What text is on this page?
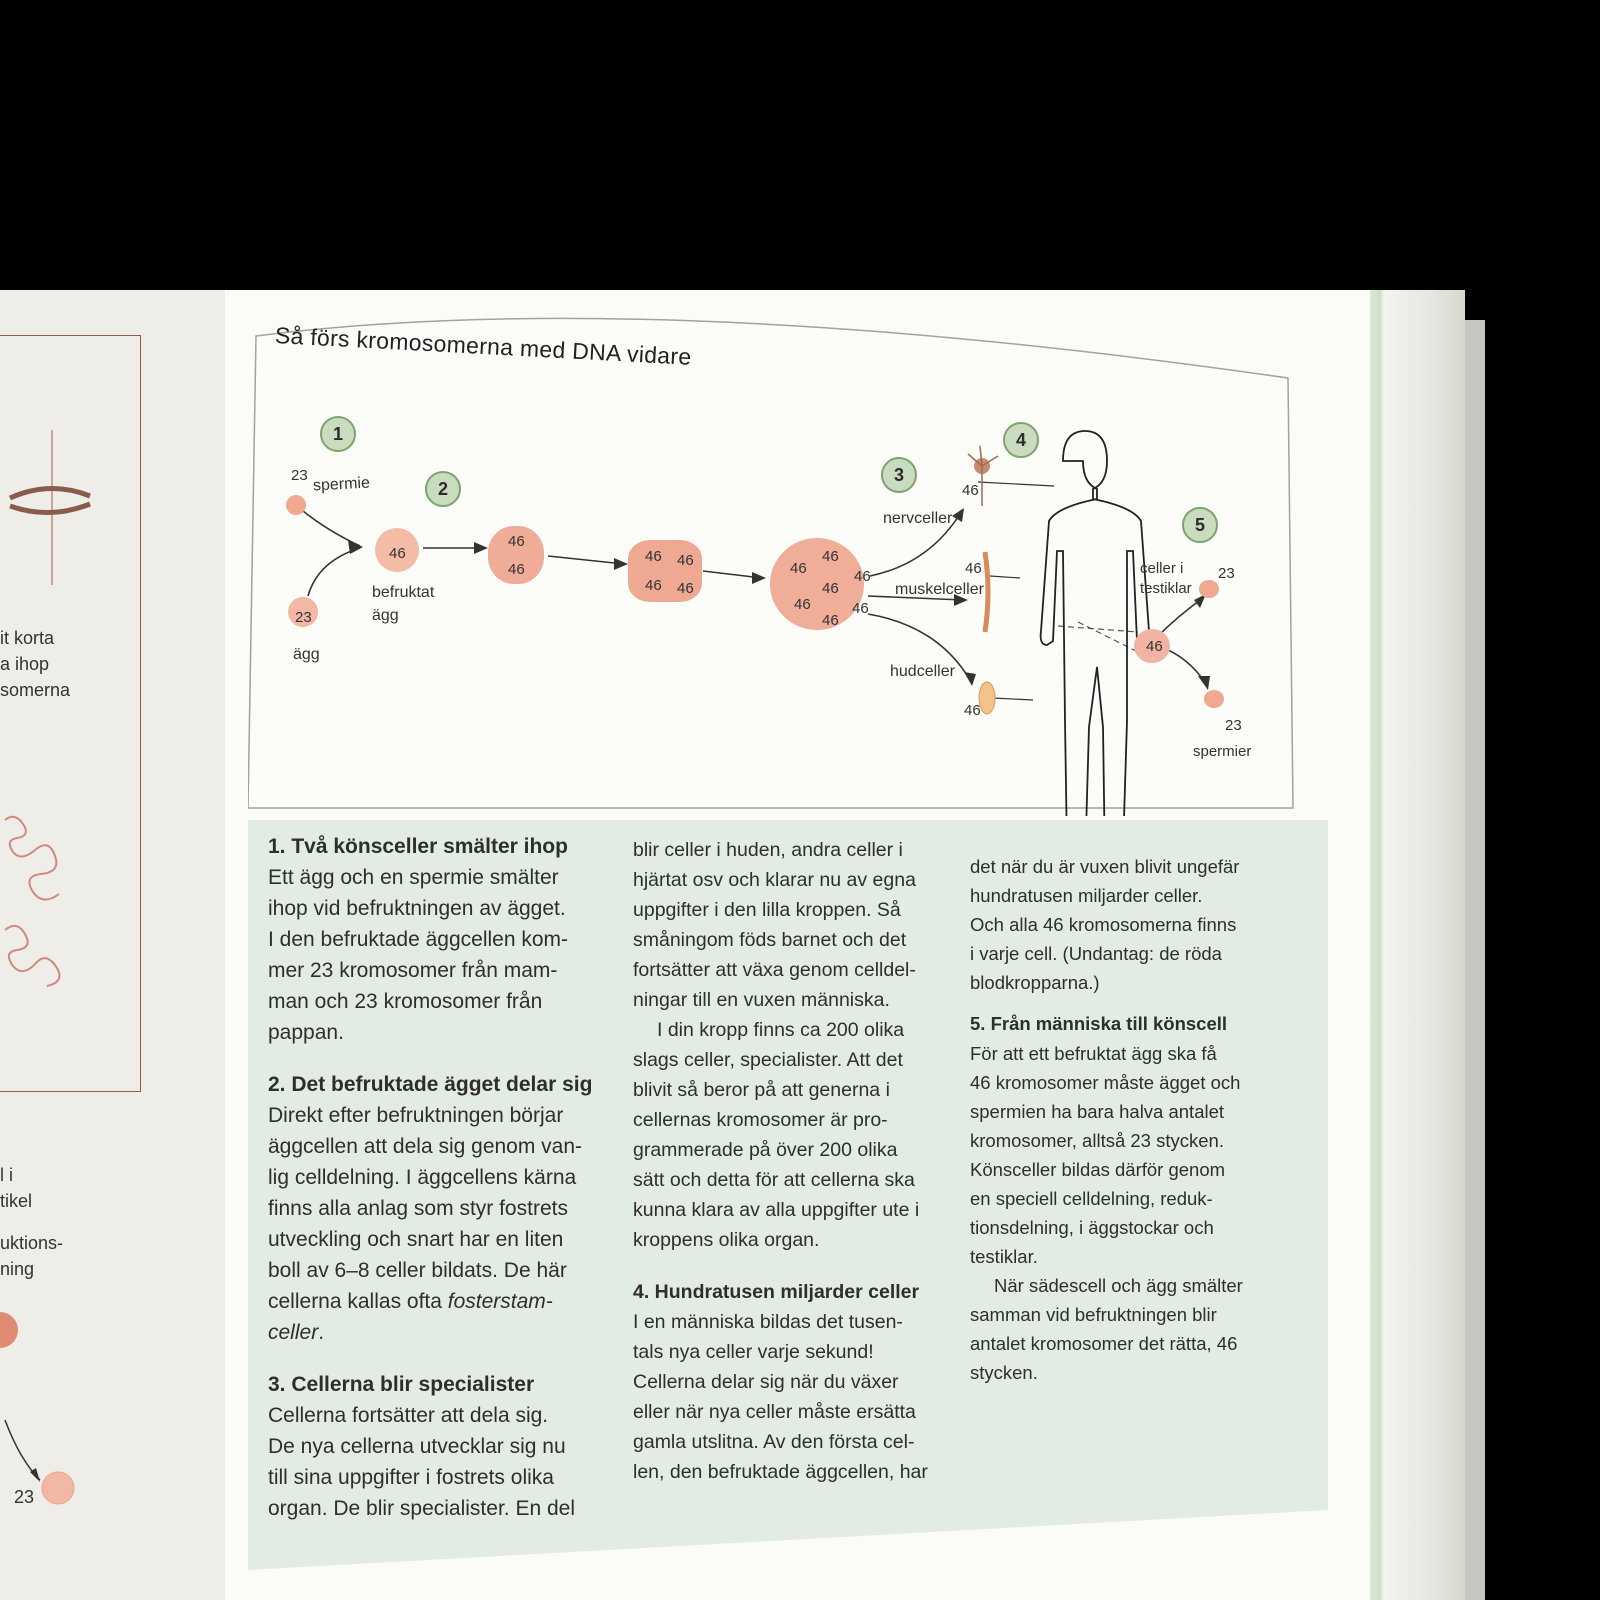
it korta
a ihop
somerna
l i
tikel
uktions-
ning
23
Så förs kromosomerna med DNA vidare
1
2
3
4
5
spermie
ägg
befruktat
ägg
nervceller
muskelceller
hudceller
celler i
testiklar
spermier
23
23
46
46
46
46 46
46 46
46
46	46
46
46	46
46
46
46
46
46
23
23
1. Två könsceller smälter ihop

Ett ägg och en spermie smälter

ihop vid befruktningen av ägget.

I den befruktade äggcellen kom-

mer 23 kromosomer från mam-

man och 23 kromosomer från

pappan.

2. Det befruktade ägget delar sig

Direkt efter befruktningen börjar

äggcellen att dela sig genom van-

lig celldelning. I äggcellens kärna

finns alla anlag som styr fostrets

utveckling och snart har en liten

boll av 6–8 celler bildats. De här

cellerna kallas ofta fosterstam-

celler.

3. Cellerna blir specialister

Cellerna fortsätter att dela sig.

De nya cellerna utvecklar sig nu

till sina uppgifter i fostrets olika

organ. De blir specialister. En del

blir celler i huden, andra celler i

hjärtat osv och klarar nu av egna

uppgifter i den lilla kroppen. Så

småningom föds barnet och det

fortsätter att växa genom celldel-

ningar till en vuxen människa.

I din kropp finns ca 200 olika

slags celler, specialister. Att det

blivit så beror på att generna i

cellernas kromosomer är pro-

grammerade på över 200 olika

sätt och detta för att cellerna ska

kunna klara av alla uppgifter ute i

kroppens olika organ.

4. Hundratusen miljarder celler

I en människa bildas det tusen-

tals nya celler varje sekund!

Cellerna delar sig när du växer

eller när nya celler måste ersätta

gamla utslitna. Av den första cel-

len, den befruktade äggcellen, har

det när du är vuxen blivit ungefär

hundratusen miljarder celler.

Och alla 46 kromosomerna finns

i varje cell. (Undantag: de röda

blodkropparna.)

5. Från människa till könscell

För att ett befruktat ägg ska få

46 kromosomer måste ägget och

spermien ha bara halva antalet

kromosomer, alltså 23 stycken.

Könsceller bildas därför genom

en speciell celldelning, reduk-

tionsdelning, i äggstockar och

testiklar.

När sädescell och ägg smälter

samman vid befruktningen blir

antalet kromosomer det rätta, 46

stycken.
